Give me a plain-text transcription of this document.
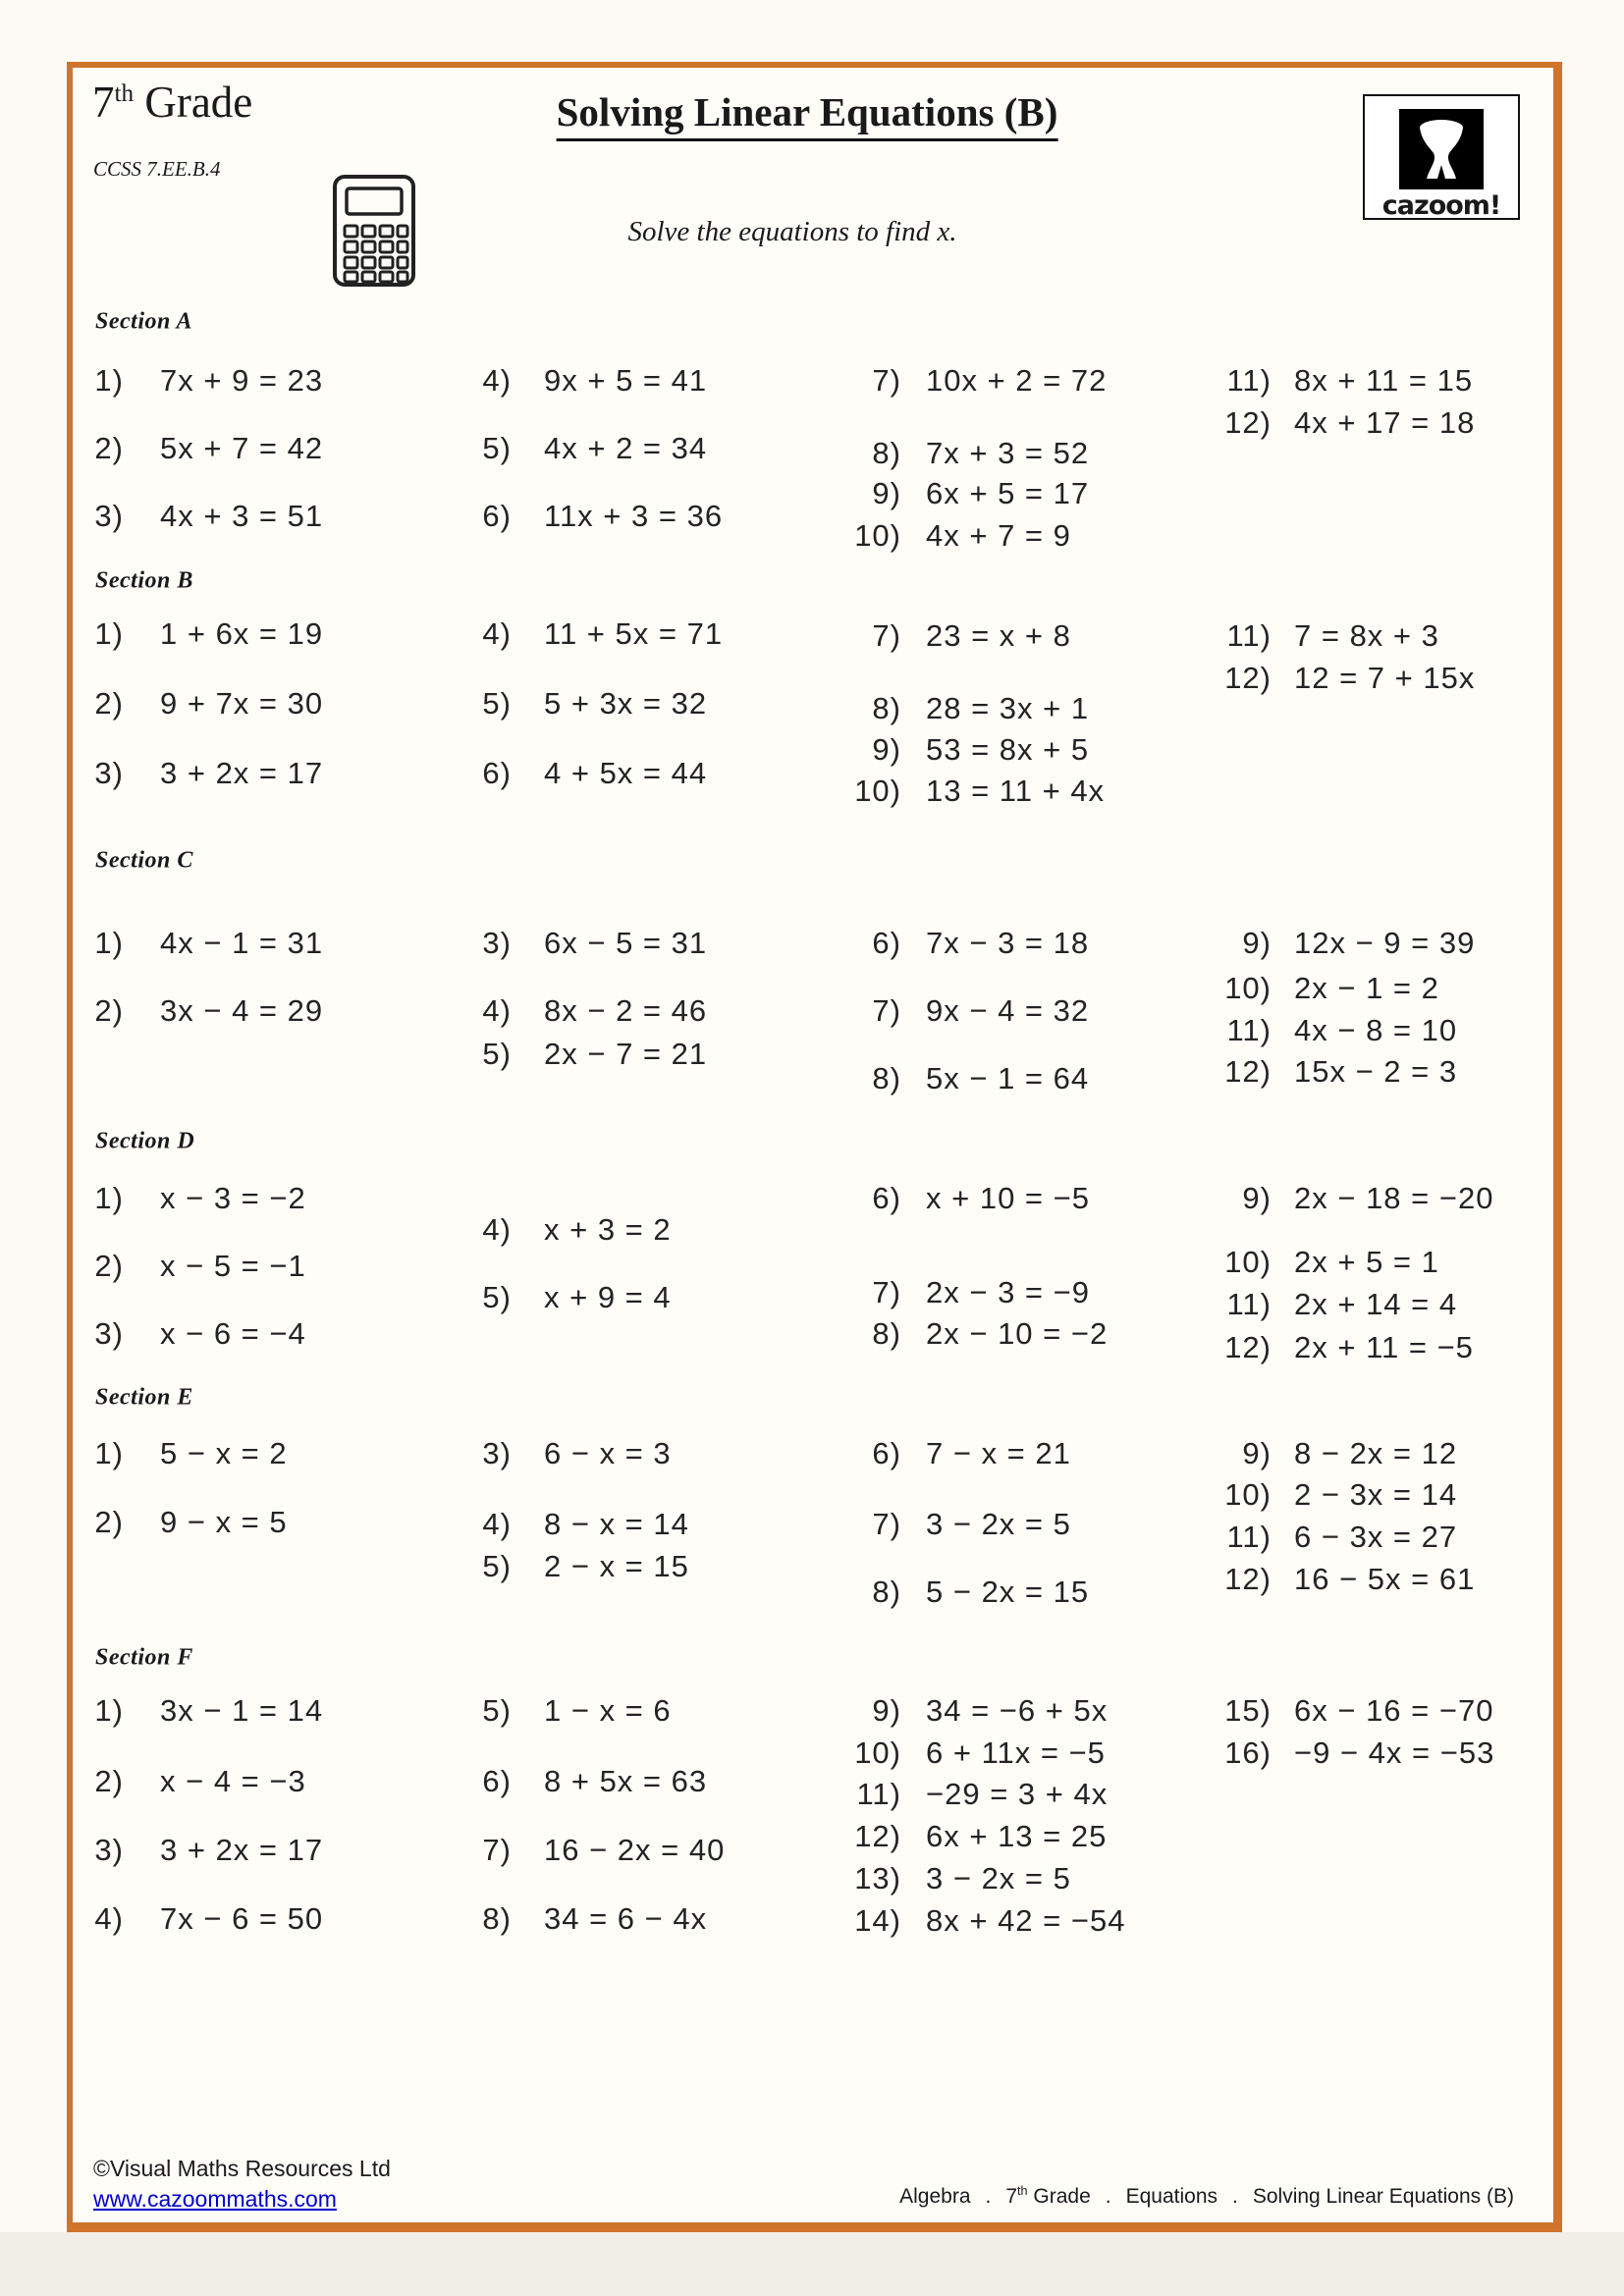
7th Grade
CCSS 7.EE.B.4
Solving Linear Equations (B)
Solve the equations to find x.
cazoom!
Section A
1) 7x + 9 = 23
2) 5x + 7 = 42
3) 4x + 3 = 51
4) 9x + 5 = 41
5) 4x + 2 = 34
6) 11x + 3 = 36
7) 10x + 2 = 72
8) 7x + 3 = 52
9) 6x + 5 = 17
10) 4x + 7 = 9
11) 8x + 11 = 15
12) 4x + 17 = 18
Section B
1) 1 + 6x = 19
2) 9 + 7x = 30
3) 3 + 2x = 17
4) 11 + 5x = 71
5) 5 + 3x = 32
6) 4 + 5x = 44
7) 23 = x + 8
8) 28 = 3x + 1
9) 53 = 8x + 5
10) 13 = 11 + 4x
11) 7 = 8x + 3
12) 12 = 7 + 15x
Section C
1) 4x − 1 = 31
2) 3x − 4 = 29
3) 6x − 5 = 31
4) 8x − 2 = 46
5) 2x − 7 = 21
6) 7x − 3 = 18
7) 9x − 4 = 32
8) 5x − 1 = 64
9) 12x − 9 = 39
10) 2x − 1 = 2
11) 4x − 8 = 10
12) 15x − 2 = 3
Section D
1) x − 3 = −2
2) x − 5 = −1
3) x − 6 = −4
4) x + 3 = 2
5) x + 9 = 4
6) x + 10 = −5
7) 2x − 3 = −9
8) 2x − 10 = −2
9) 2x − 18 = −20
10) 2x + 5 = 1
11) 2x + 14 = 4
12) 2x + 11 = −5
Section E
1) 5 − x = 2
2) 9 − x = 5
3) 6 − x = 3
4) 8 − x = 14
5) 2 − x = 15
6) 7 − x = 21
7) 3 − 2x = 5
8) 5 − 2x = 15
9) 8 − 2x = 12
10) 2 − 3x = 14
11) 6 − 3x = 27
12) 16 − 5x = 61
Section F
1) 3x − 1 = 14
2) x − 4 = −3
3) 3 + 2x = 17
4) 7x − 6 = 50
5) 1 − x = 6
6) 8 + 5x = 63
7) 16 − 2x = 40
8) 34 = 6 − 4x
9) 34 = −6 + 5x
10) 6 + 11x = −5
11) −29 = 3 + 4x
12) 6x + 13 = 25
13) 3 − 2x = 5
14) 8x + 42 = −54
15) 6x − 16 = −70
16) −9 − 4x = −53
©Visual Maths Resources Ltd
www.cazoommaths.com	Algebra . 7th Grade . Equations . Solving Linear Equations (B)
